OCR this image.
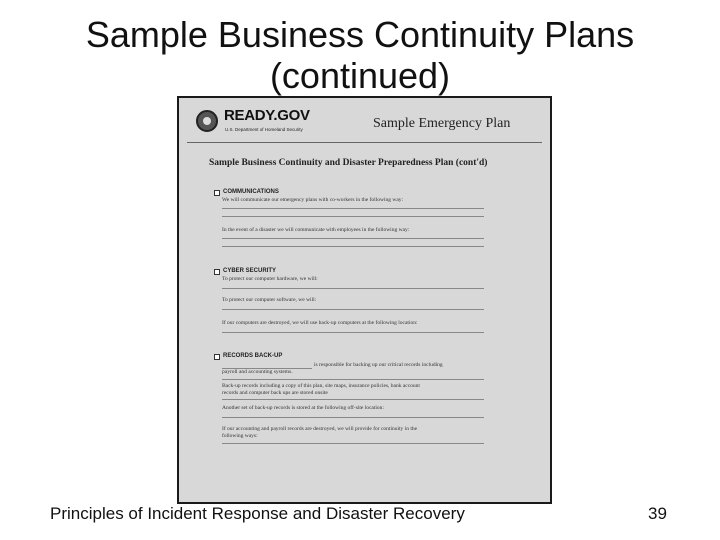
Sample Business Continuity Plans
(continued)
READY.GOV
U.S. Department of Homeland Security	Sample Emergency Plan
Sample Business Continuity and Disaster Preparedness Plan (cont'd)
COMMUNICATIONS
We will communicate our emergency plans with co-workers in the following way:
In the event of a disaster we will communicate with employees in the following way:
CYBER SECURITY
To protect our computer hardware, we will:
To protect our computer software, we will:
If our computers are destroyed, we will use back-up computers at the following location:
RECORDS BACK-UP
is responsible for backing up our critical records including
payroll and accounting systems.
Back-up records including a copy of this plan, site maps, insurance policies, bank account
records and computer back ups are stored onsite
Another set of back-up records is stored at the following off-site location:
If our accounting and payroll records are destroyed, we will provide for continuity in the
following ways:
Principles of Incident Response and Disaster Recovery	39
